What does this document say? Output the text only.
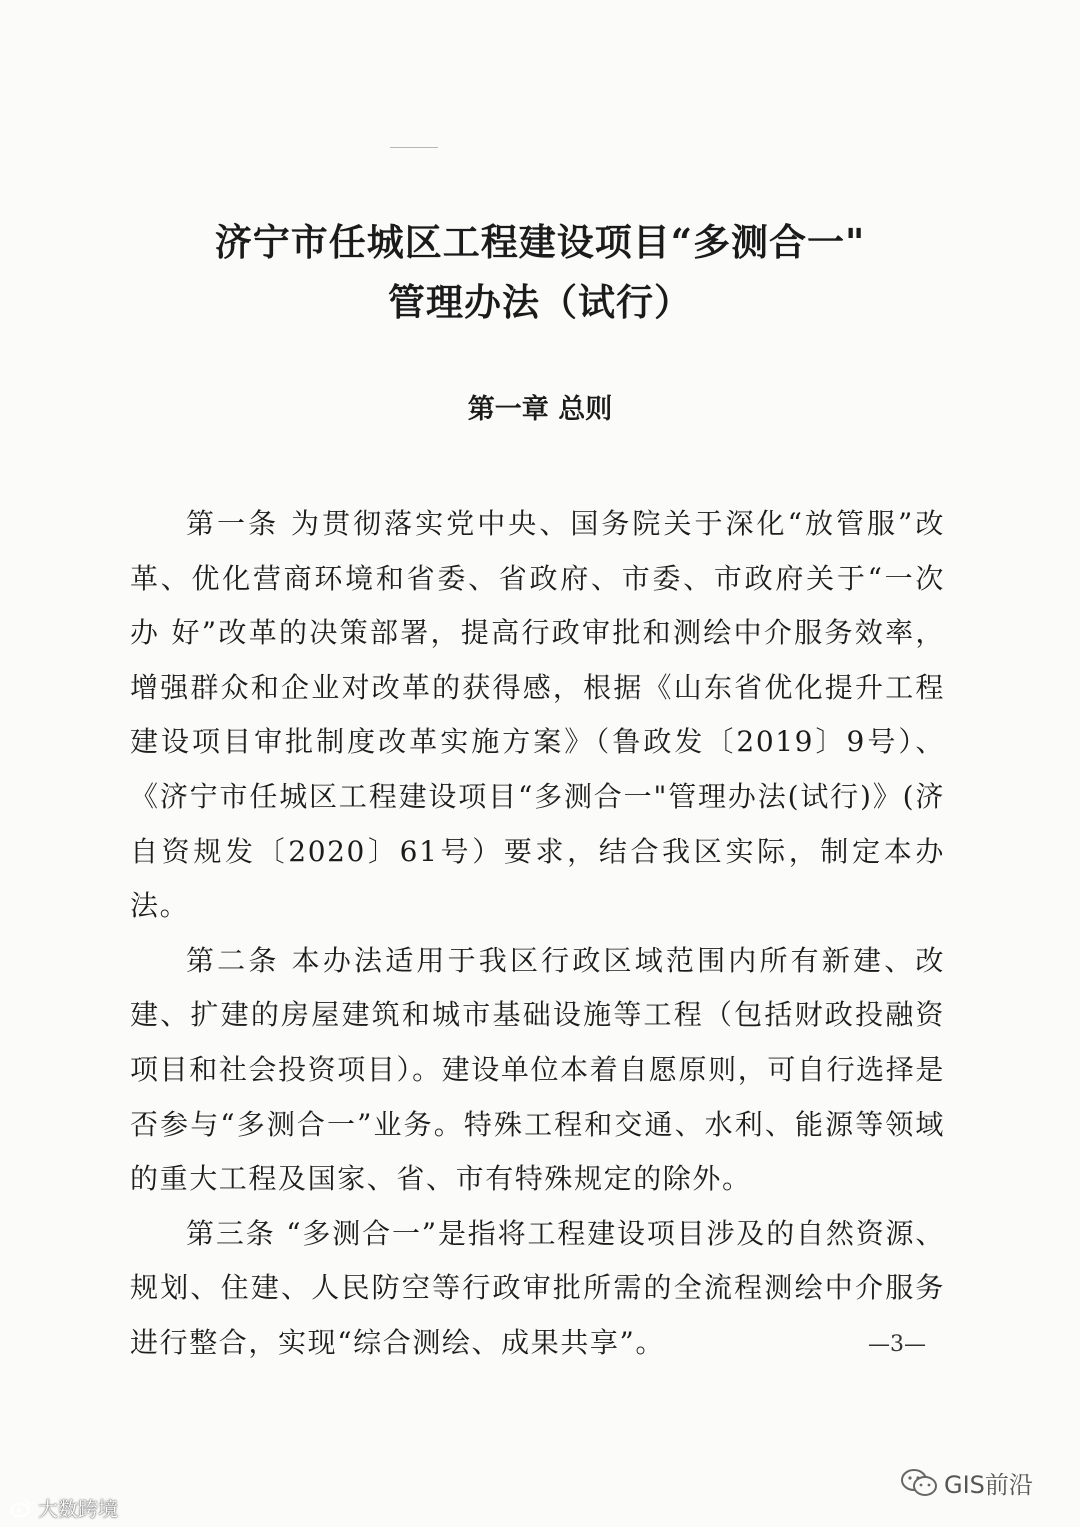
济宁市任城区工程建设项目“多测合一"
管理办法（试行）
第一章 总则

第一条 为贯彻落实党中央、国务院关于深化“放管服”改革、优化营商环境和省委、省政府、市委、市政府关于“一次办 好”改革的决策部署，提高行政审批和测绘中介服务效率，增强群众和企业对改革的获得感，根据《山东省优化提升工程建设项目审批制度改革实施方案》（鲁政发〔2019〕9号）、《济宁市任城区工程建设项目“多测合一"管理办法(试行)》(济自资规发〔2020〕61号）要求，结合我区实际，制定本办法。

第二条 本办法适用于我区行政区域范围内所有新建、改建、扩建的房屋建筑和城市基础设施等工程（包括财政投融资项目和社会投资项目）。建设单位本着自愿原则，可自行选择是否参与“多测合一”业务。特殊工程和交通、水利、能源等领域的重大工程及国家、省、市有特殊规定的除外。

第三条 “多测合一”是指将工程建设项目涉及的自然资源、规划、住建、人民防空等行政审批所需的全流程测绘中介服务进行整合，实现“综合测绘、成果共享”。	—3—
GIS前沿
大数跨境
